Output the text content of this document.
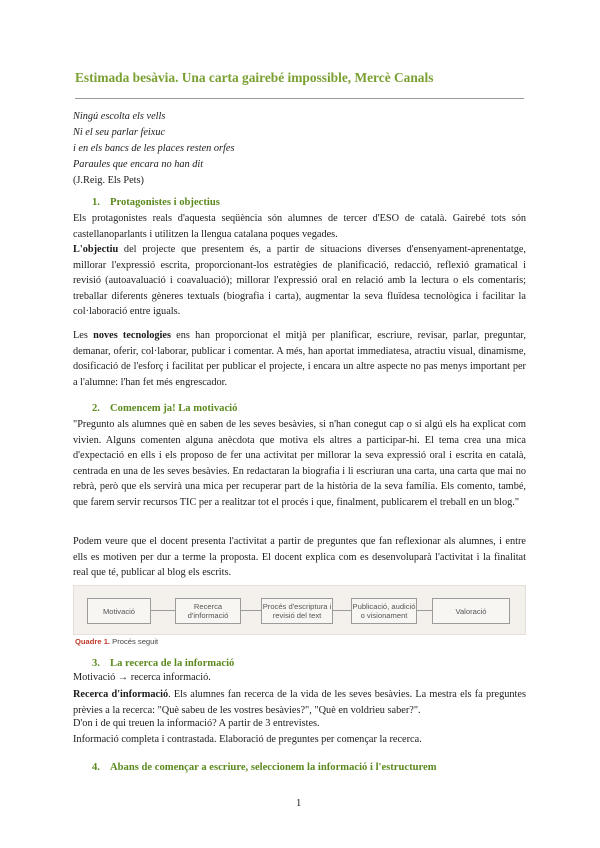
Estimada besàvia. Una carta gairebé impossible, Mercè Canals
Ningú escolta els vells
Ni el seu parlar feixuc
i en els bancs de les places resten orfes
Paraules que encara no han dit
(J.Reig. Els Pets)
1. Protagonistes i objectius

Els protagonistes reals d'aquesta seqüència són alumnes de tercer d'ESO de català. Gairebé tots són castellanoparlants i utilitzen la llengua catalana poques vegades.

L'objectiu del projecte que presentem és, a partir de situacions diverses d'ensenyament-aprenentatge, millorar l'expressió escrita, proporcionant-los estratègies de planificació, redacció, reflexió gramatical i revisió (autoavaluació i coavaluació); millorar l'expressió oral en relació amb la lectura o els comentaris; treballar diferents gèneres textuals (biografia i carta), augmentar la seva fluïdesa tecnològica i facilitar la col·laboració entre iguals.

Les noves tecnologies ens han proporcionat el mitjà per planificar, escriure, revisar, parlar, preguntar, demanar, oferir, col·laborar, publicar i comentar. A més, han aportat immediatesa, atractiu visual, dinamisme, dosificació de l'esforç i facilitat per publicar el projecte, i encara un altre aspecte no pas menys important per a l'alumne: l'han fet més engrescador.

2. Comencem ja! La motivació

"Pregunto als alumnes què en saben de les seves besàvies, si n'han conegut cap o si algú els ha explicat com vivien. Alguns comenten alguna anècdota que motiva els altres a participar-hi. El tema crea una mica d'expectació en ells i els proposo de fer una activitat per millorar la seva expressió oral i escrita en català, centrada en una de les seves besàvies. En redactaran la biografia i li escriuran una carta, una carta que mai no rebrà, però que els servirà una mica per recuperar part de la història de la seva família. Els comento, també, que farem servir recursos TIC per a realitzar tot el procés i que, finalment, publicarem el treball en un blog."

Podem veure que el docent presenta l'activitat a partir de preguntes que fan reflexionar als alumnes, i entre ells es motiven per dur a terme la proposta. El docent explica com es desenvoluparà l'activitat i la finalitat real que té, publicar al blog els escrits.

Motivació	Recerca d'informació
Procés d'escriptura i revisió del text
Publicació, audició o visionament	Valoració
Quadre 1. Procés seguit
3. La recerca de la informació
Motivació → recerca informació.

Recerca d'informació. Els alumnes fan recerca de la vida de les seves besàvies. La mestra els fa preguntes prèvies a la recerca: "Què sabeu de les vostres besàvies?", "Què en voldrieu saber?".

D'on i de qui treuen la informació? A partir de 3 entrevistes.
Informació completa i contrastada. Elaboració de preguntes per començar la recerca.
4. Abans de començar a escriure, seleccionem la informació i l'estructurem
1
